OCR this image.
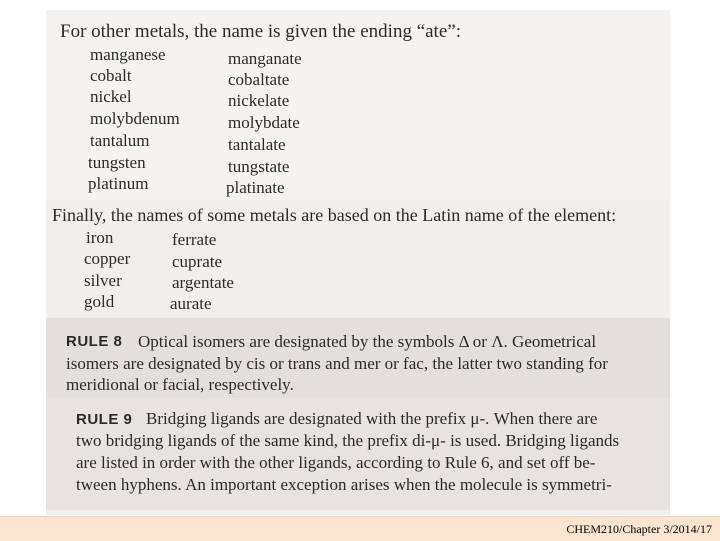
For other metals, the name is given the ending “ate”:
manganese	manganate
cobalt	cobaltate
nickel	nickelate
molybdenum	molybdate
tantalum	tantalate
tungsten	tungstate
platinum	platinate
Finally, the names of some metals are based on the Latin name of the element:
iron	ferrate
copper cuprate
silver	argentate
gold	aurate
RULE 8 Optical isomers are designated by the symbols Δ or Λ. Geometrical
isomers are designated by cis or trans and mer or fac, the latter two standing for
meridional or facial, respectively.
RULE 9 Bridging ligands are designated with the prefix μ-. When there are
two bridging ligands of the same kind, the prefix di-μ- is used. Bridging ligands
are listed in order with the other ligands, according to Rule 6, and set off be-
tween hyphens. An important exception arises when the molecule is symmetri-
CHEM210/Chapter 3/2014/17
